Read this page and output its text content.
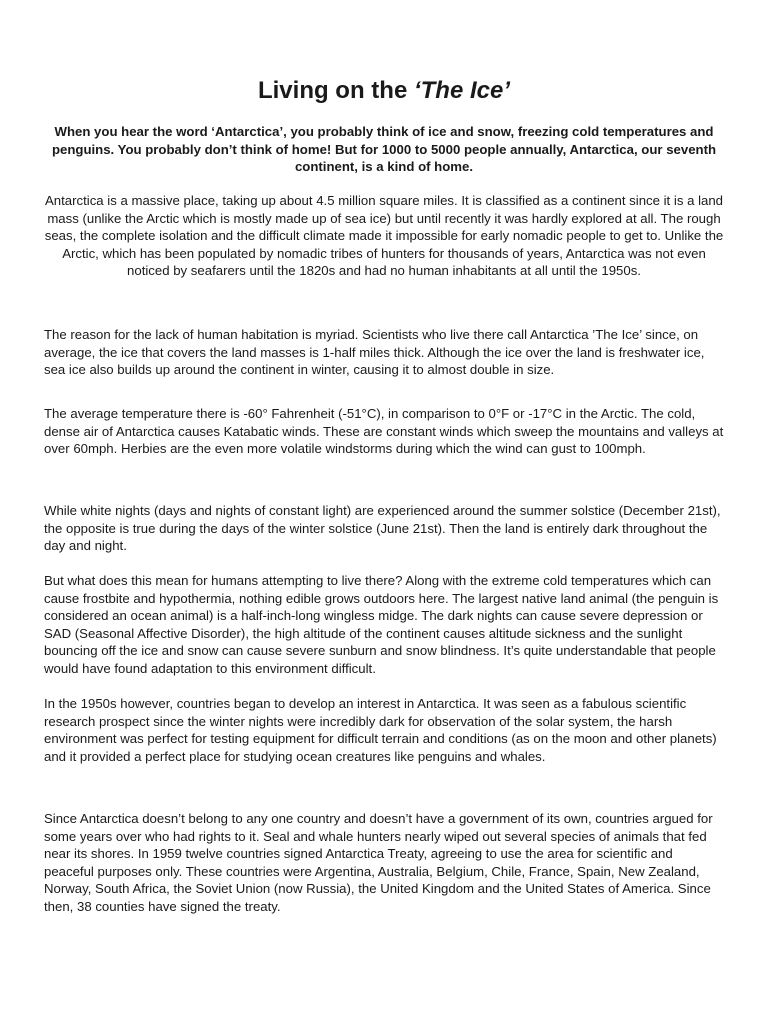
Living on the ‘The Ice’

When you hear the word ‘Antarctica’, you probably think of ice and snow, freezing cold temperatures and penguins. You probably don’t think of home! But for 1000 to 5000 people annually, Antarctica, our seventh continent, is a kind of home.

Antarctica is a massive place, taking up about 4.5 million square miles. It is classified as a continent since it is a land mass (unlike the Arctic which is mostly made up of sea ice) but until recently it was hardly explored at all. The rough seas, the complete isolation and the difficult climate made it impossible for early nomadic people to get to. Unlike the Arctic, which has been populated by nomadic tribes of hunters for thousands of years, Antarctica was not even noticed by seafarers until the 1820s and had no human inhabitants at all until the 1950s.

The reason for the lack of human habitation is myriad. Scientists who live there call Antarctica ’The Ice’ since, on average, the ice that covers the land masses is 1-half miles thick. Although the ice over the land is freshwater ice, sea ice also builds up around the continent in winter, causing it to almost double in size.

The average temperature there is -60° Fahrenheit (-51°C), in comparison to 0°F or -17°C in the Arctic. The cold, dense air of Antarctica causes Katabatic winds. These are constant winds which sweep the mountains and valleys at over 60mph. Herbies are the even more volatile windstorms during which the wind can gust to 100mph.

While white nights (days and nights of constant light) are experienced around the summer solstice (December 21st), the opposite is true during the days of the winter solstice (June 21st). Then the land is entirely dark throughout the day and night.

But what does this mean for humans attempting to live there? Along with the extreme cold temperatures which can cause frostbite and hypothermia, nothing edible grows outdoors here. The largest native land animal (the penguin is considered an ocean animal) is a half-inch-long wingless midge. The dark nights can cause severe depression or SAD (Seasonal Affective Disorder), the high altitude of the continent causes altitude sickness and the sunlight bouncing off the ice and snow can cause severe sunburn and snow blindness. It’s quite understandable that people would have found adaptation to this environment difficult.

In the 1950s however, countries began to develop an interest in Antarctica. It was seen as a fabulous scientific research prospect since the winter nights were incredibly dark for observation of the solar system, the harsh environment was perfect for testing equipment for difficult terrain and conditions (as on the moon and other planets) and it provided a perfect place for studying ocean creatures like penguins and whales.

Since Antarctica doesn’t belong to any one country and doesn’t have a government of its own, countries argued for some years over who had rights to it. Seal and whale hunters nearly wiped out several species of animals that fed near its shores. In 1959 twelve countries signed Antarctica Treaty, agreeing to use the area for scientific and peaceful purposes only. These countries were Argentina, Australia, Belgium, Chile, France, Spain, New Zealand, Norway, South Africa, the Soviet Union (now Russia), the United Kingdom and the United States of America. Since then, 38 counties have signed the treaty.
